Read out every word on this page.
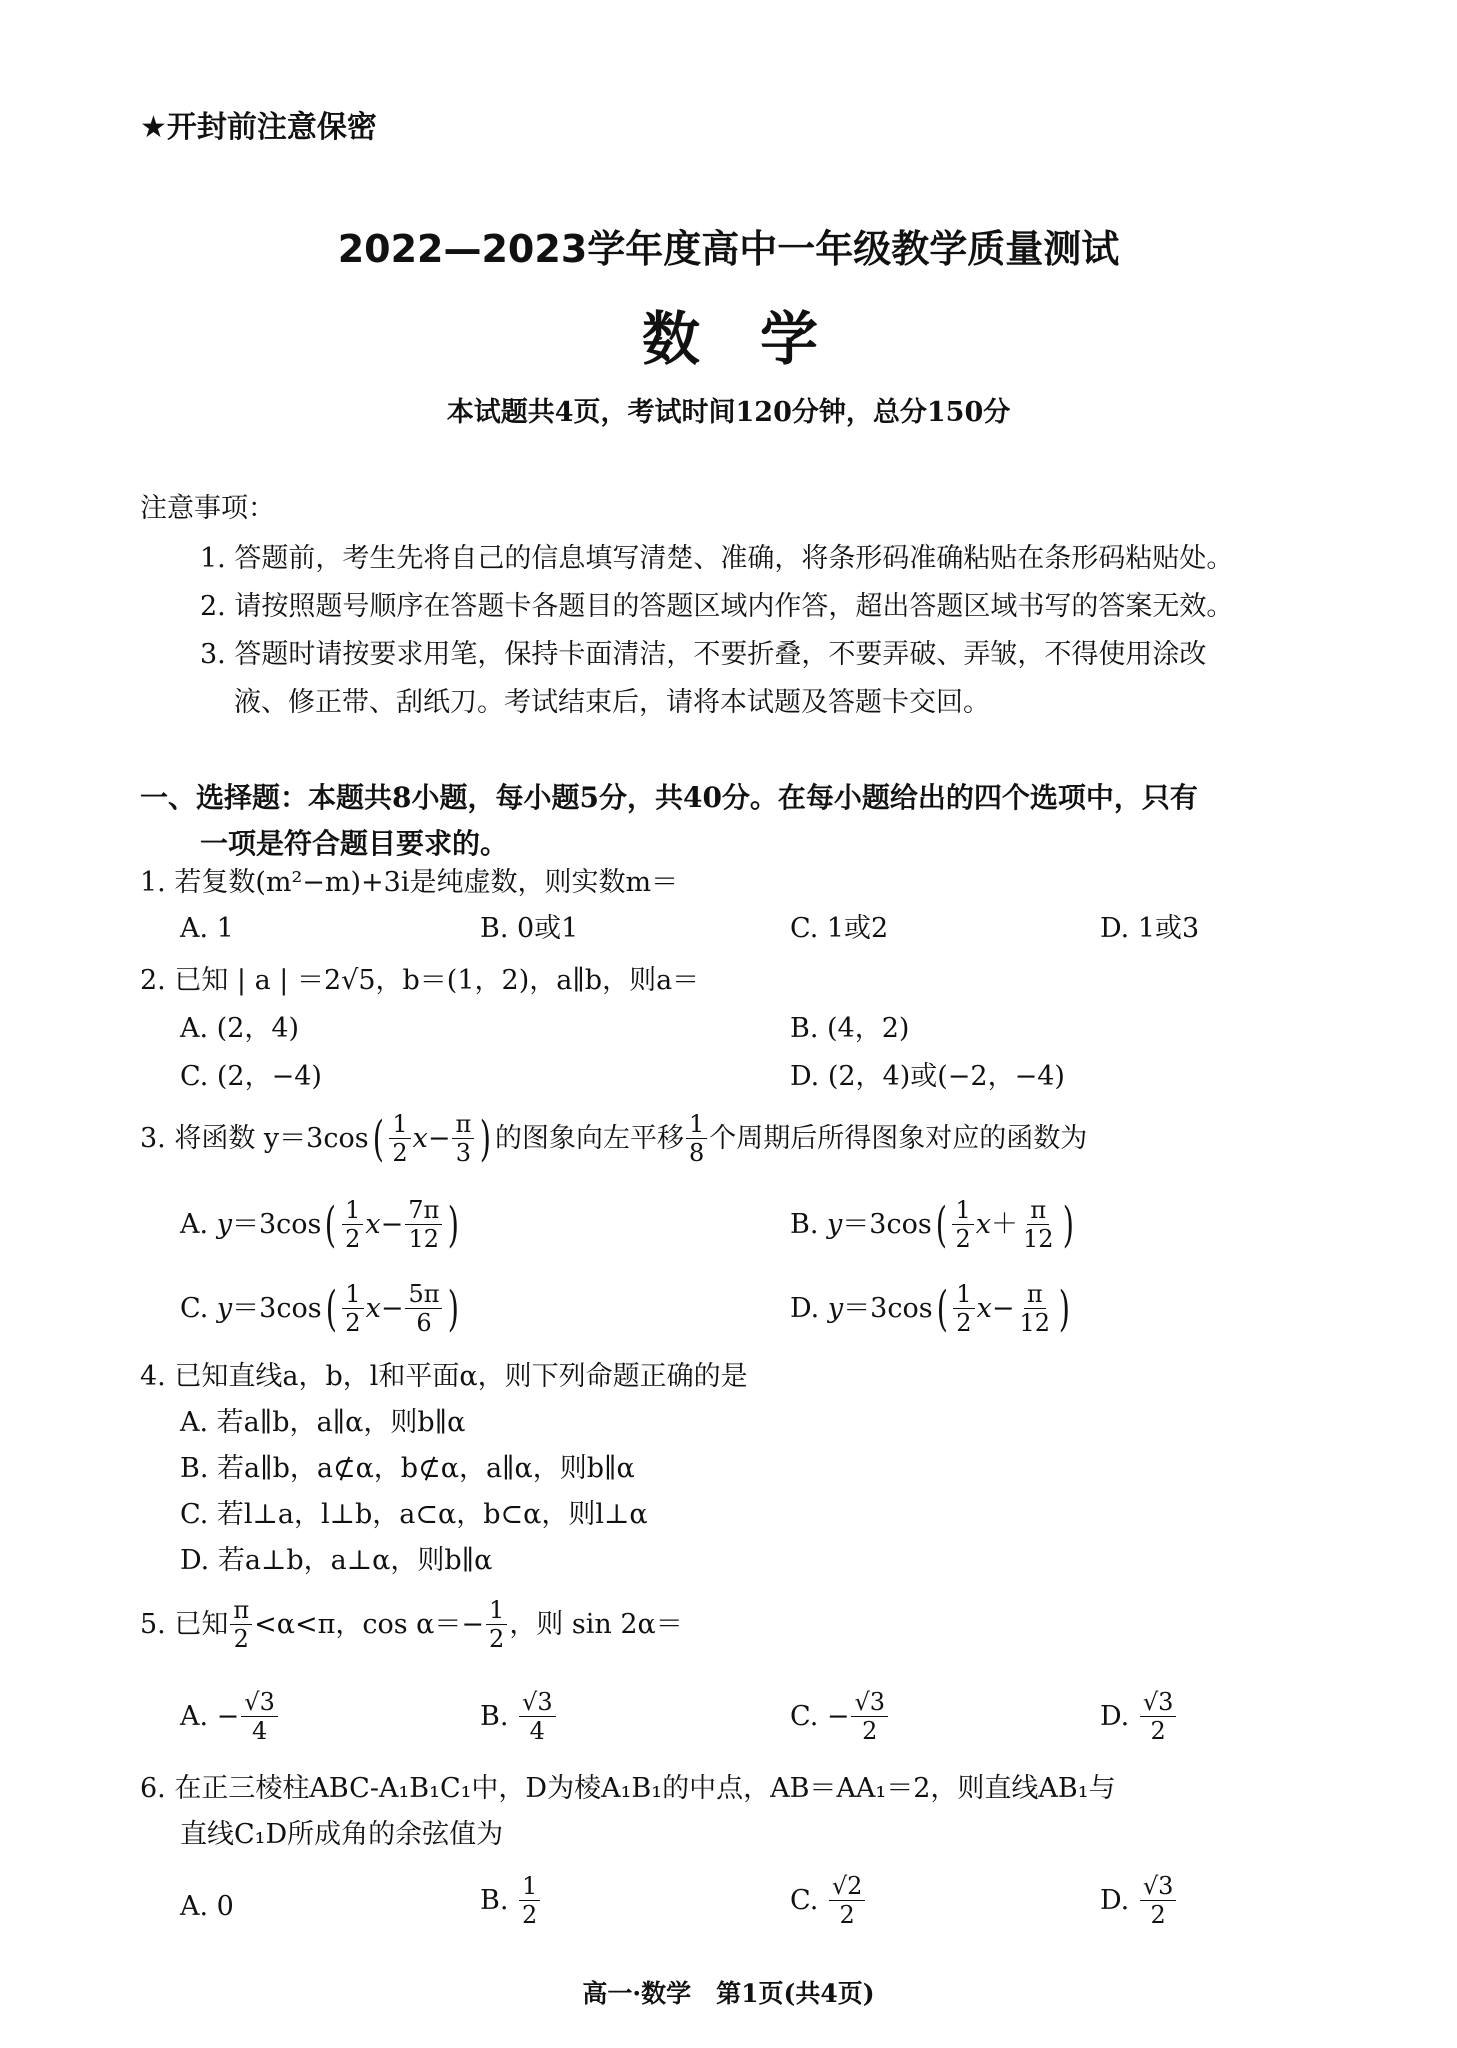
★开封前注意保密
2022—2023学年度高中一年级教学质量测试
数学
本试题共4页，考试时间120分钟，总分150分
注意事项：
1. 答题前，考生先将自己的信息填写清楚、准确，将条形码准确粘贴在条形码粘贴处。
2. 请按照题号顺序在答题卡各题目的答题区域内作答，超出答题区域书写的答案无效。
3. 答题时请按要求用笔，保持卡面清洁，不要折叠，不要弄破、弄皱，不得使用涂改
液、修正带、刮纸刀。考试结束后，请将本试题及答题卡交回。
一、选择题：本题共8小题，每小题5分，共40分。在每小题给出的四个选项中，只有
一项是符合题目要求的。
1. 若复数(m²−m)+3i是纯虚数，则实数m＝
A. 1	B. 0或1	C. 1或2	D. 1或3
2. 已知 | a | ＝2√5，b＝(1，2)，a∥b，则a＝
A. (2，4)	B. (4，2)
C. (2，−4)	D. (2，4)或(−2，−4)
3. 将函数 y＝3cos ( $\frac{1}{2}$ $x - \frac{\pi}{3}$ ) 的图象向左平移 $\frac{1}{8}$ 个周期后所得图象对应的函数为
A.
y ＝3cos ( $\frac{1}{2}$ $x - \frac{7\pi}{12}$ )	B.
y ＝3cos ( $\frac{1}{2}$ $x + \frac{\pi}{12}$ )
C.
y ＝3cos ( $\frac{1}{2}$ $x - \frac{5\pi}{6}$ )	D.
y ＝3cos ( $\frac{1}{2}$ $x - \frac{\pi}{12}$ )
4. 已知直线a，b，l和平面α，则下列命题正确的是
A. 若a∥b，a∥α，则b∥α
B. 若a∥b，a⊄α，b⊄α，a∥α，则b∥α
C. 若l⊥a，l⊥b，a⊂α，b⊂α，则l⊥α
D. 若a⊥b，a⊥α，则b∥α
5. 已知 $\frac{\pi}{2} <\alpha<\pi$，$\cos \alpha=- \frac{1}{2}$ ，则 sin 2α＝
A. − $\frac{√3}{4}$	B.
$\frac{√3}{4}$	C. − $\frac{√3}{2}$	D.
$\frac{√3}{2}$
6. 在正三棱柱ABC-A₁B₁C₁中，D为棱A₁B₁的中点，AB＝AA₁＝2，则直线AB₁与
直线C₁D所成角的余弦值为
A. 0	B.
$\frac{1}{2}$	C.
$\frac{√2}{2}$	D.
$\frac{√3}{2}$
高一·数学　第1页(共4页)
